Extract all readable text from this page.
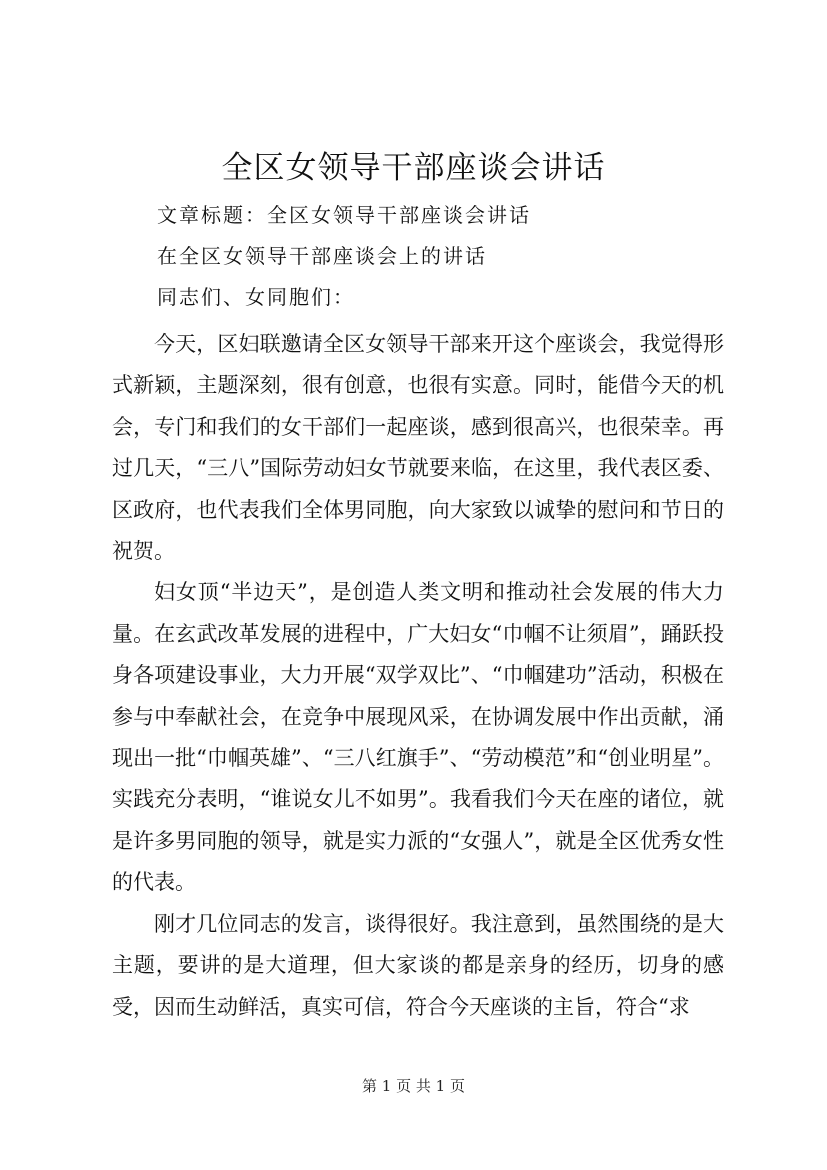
全区女领导干部座谈会讲话
文章标题：全区女领导干部座谈会讲话
在全区女领导干部座谈会上的讲话
同志们、女同胞们：

今天，区妇联邀请全区女领导干部来开这个座谈会，我觉得形式新颖，主题深刻，很有创意，也很有实意。同时，能借今天的机会，专门和我们的女干部们一起座谈，感到很高兴，也很荣幸。再过几天，“三八”国际劳动妇女节就要来临，在这里，我代表区委、区政府，也代表我们全体男同胞，向大家致以诚挚的慰问和节日的祝贺。

妇女顶“半边天”，是创造人类文明和推动社会发展的伟大力量。在玄武改革发展的进程中，广大妇女“巾帼不让须眉”，踊跃投身各项建设事业，大力开展“双学双比”、“巾帼建功”活动，积极在参与中奉献社会，在竞争中展现风采，在协调发展中作出贡献，涌现出一批“巾帼英雄”、“三八红旗手”、“劳动模范”和“创业明星”。实践充分表明，“谁说女儿不如男”。我看我们今天在座的诸位，就是许多男同胞的领导，就是实力派的“女强人”，就是全区优秀女性的代表。

刚才几位同志的发言，谈得很好。我注意到，虽然围绕的是大主题，要讲的是大道理，但大家谈的都是亲身的经历，切身的感受，因而生动鲜活，真实可信，符合今天座谈的主旨，符合“求

第 1 页 共 1 页
